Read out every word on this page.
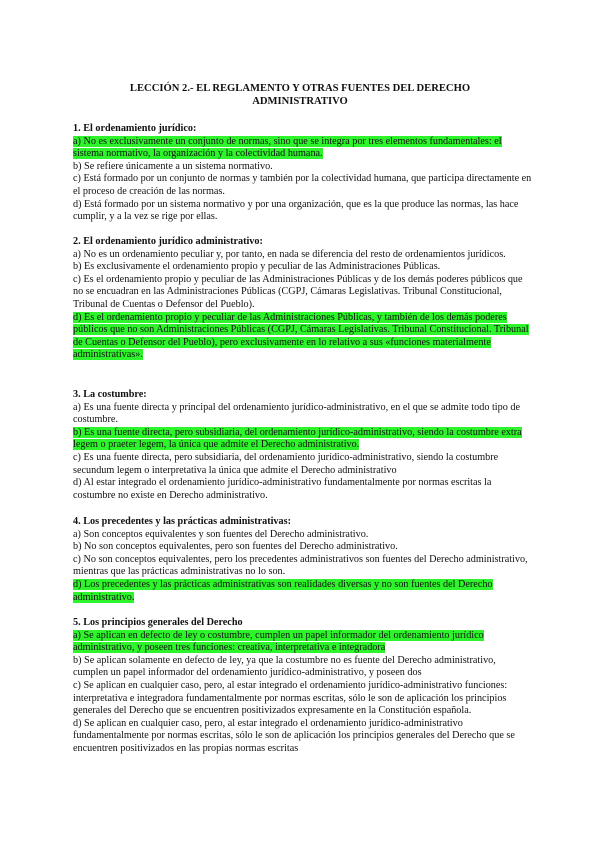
LECCIÓN 2.- EL REGLAMENTO Y OTRAS FUENTES DEL DERECHO
ADMINISTRATIVO
1. El ordenamiento jurídico:
a) No es exclusivamente un conjunto de normas, sino que se integra por tres elementos fundamentales: el sistema normativo, la organización y la colectividad humana.
b) Se refiere únicamente a un sistema normativo.
c) Está formado por un conjunto de normas y también por la colectividad humana, que participa directamente en el proceso de creación de las normas.
d) Está formado por un sistema normativo y por una organización, que es la que produce las normas, las hace cumplir, y a la vez se rige por ellas.
2. El ordenamiento jurídico administrativo:
a) No es un ordenamiento peculiar y, por tanto, en nada se diferencia del resto de ordenamientos jurídicos.
b) Es exclusivamente el ordenamiento propio y peculiar de las Administraciones Públicas.
c) Es el ordenamiento propio y peculiar de las Administraciones Públicas y de los demás poderes públicos que no se encuadran en las Administraciones Públicas (CGPJ, Cámaras Legislativas. Tribunal Constitucional, Tribunal de Cuentas o Defensor del Pueblo).
d) Es el ordenamiento propio y peculiar de las Administraciones Públicas, y también de los demás poderes públicos que no son Administraciones Públicas (CGPJ, Cámaras Legislativas. Tribunal Constitucional. Tribunal de Cuentas o Defensor del Pueblo), pero exclusivamente en lo relativo a sus «funciones materialmente administrativas».
3. La costumbre:
a) Es una fuente directa y principal del ordenamiento jurídico-administrativo, en el que se admite todo tipo de costumbre.
b) Es una fuente directa, pero subsidiaria, del ordenamiento jurídico-administrativo, siendo la costumbre extra legem o praeter legem, la única que admite el Derecho administrativo.
c) Es una fuente directa, pero subsidiaria, del ordenamiento jurídico-administrativo, siendo la costumbre secundum legem o interpretativa la única que admite el Derecho administrativo
d) Al estar integrado el ordenamiento jurídico-administrativo fundamentalmente por normas escritas la costumbre no existe en Derecho administrativo.
4. Los precedentes y las prácticas administrativas:
a) Son conceptos equivalentes y son fuentes del Derecho administrativo.
b) No son conceptos equivalentes, pero son fuentes del Derecho administrativo.
c) No son conceptos equivalentes, pero los precedentes administrativos son fuentes del Derecho administrativo, mientras que las prácticas administrativas no lo son.
d) Los precedentes y las prácticas administrativas son realidades diversas y no son fuentes del Derecho administrativo.
5. Los principios generales del Derecho
a) Se aplican en defecto de ley o costumbre, cumplen un papel informador del ordenamiento jurídico administrativo, y poseen tres funciones: creativa, interpretativa e integradora
b) Se aplican solamente en defecto de ley, ya que la costumbre no es fuente del Derecho administrativo, cumplen un papel informador del ordenamiento jurídico-administrativo, y poseen dos
c) Se aplican en cualquier caso, pero, al estar integrado el ordenamiento jurídico-administrativo funciones: interpretativa e integradora fundamentalmente por normas escritas, sólo le son de aplicación los principios generales del Derecho que se encuentren positivizados expresamente en la Constitución española.
d) Se aplican en cualquier caso, pero, al estar integrado el ordenamiento jurídico-administrativo fundamentalmente por normas escritas, sólo le son de aplicación los principios generales del Derecho que se encuentren positivizados en las propias normas escritas
